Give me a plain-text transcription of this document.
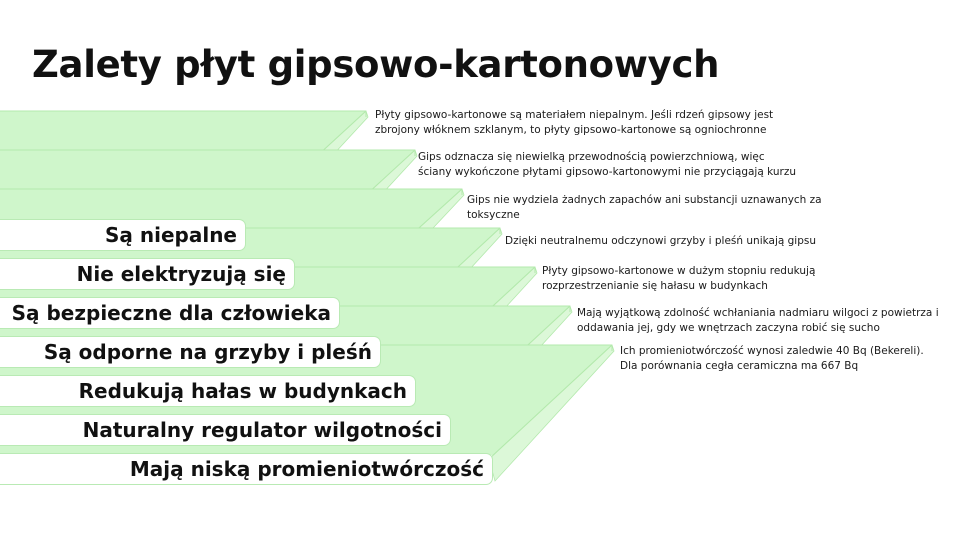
Zalety płyt gipsowo-kartonowych
Są niepalne
Nie elektryzują się
Są bezpieczne dla człowieka
Są odporne na grzyby i pleśń
Redukują hałas w budynkach
Naturalny regulator wilgotności
Mają niską promieniotwórczość

Płyty gipsowo-kartonowe są materiałem niepalnym. Jeśli rdzeń gipsowy jest zbrojony włóknem szklanym, to płyty gipsowo-kartonowe są ogniochronne

Gips odznacza się niewielką przewodnością powierzchniową, więc ściany wykończone płytami gipsowo-kartonowymi nie przyciągają kurzu

Gips nie wydziela żadnych zapachów ani substancji uznawanych za toksyczne

Dzięki neutralnemu odczynowi grzyby i pleśń unikają gipsu

Płyty gipsowo-kartonowe w dużym stopniu redukują rozprzestrzenianie się hałasu w budynkach

Mają wyjątkową zdolność wchłaniania nadmiaru wilgoci z powietrza i oddawania jej, gdy we wnętrzach zaczyna robić się sucho

Ich promieniotwórczość wynosi zaledwie 40 Bq (Bekereli). Dla porównania cegła ceramiczna ma 667 Bq
